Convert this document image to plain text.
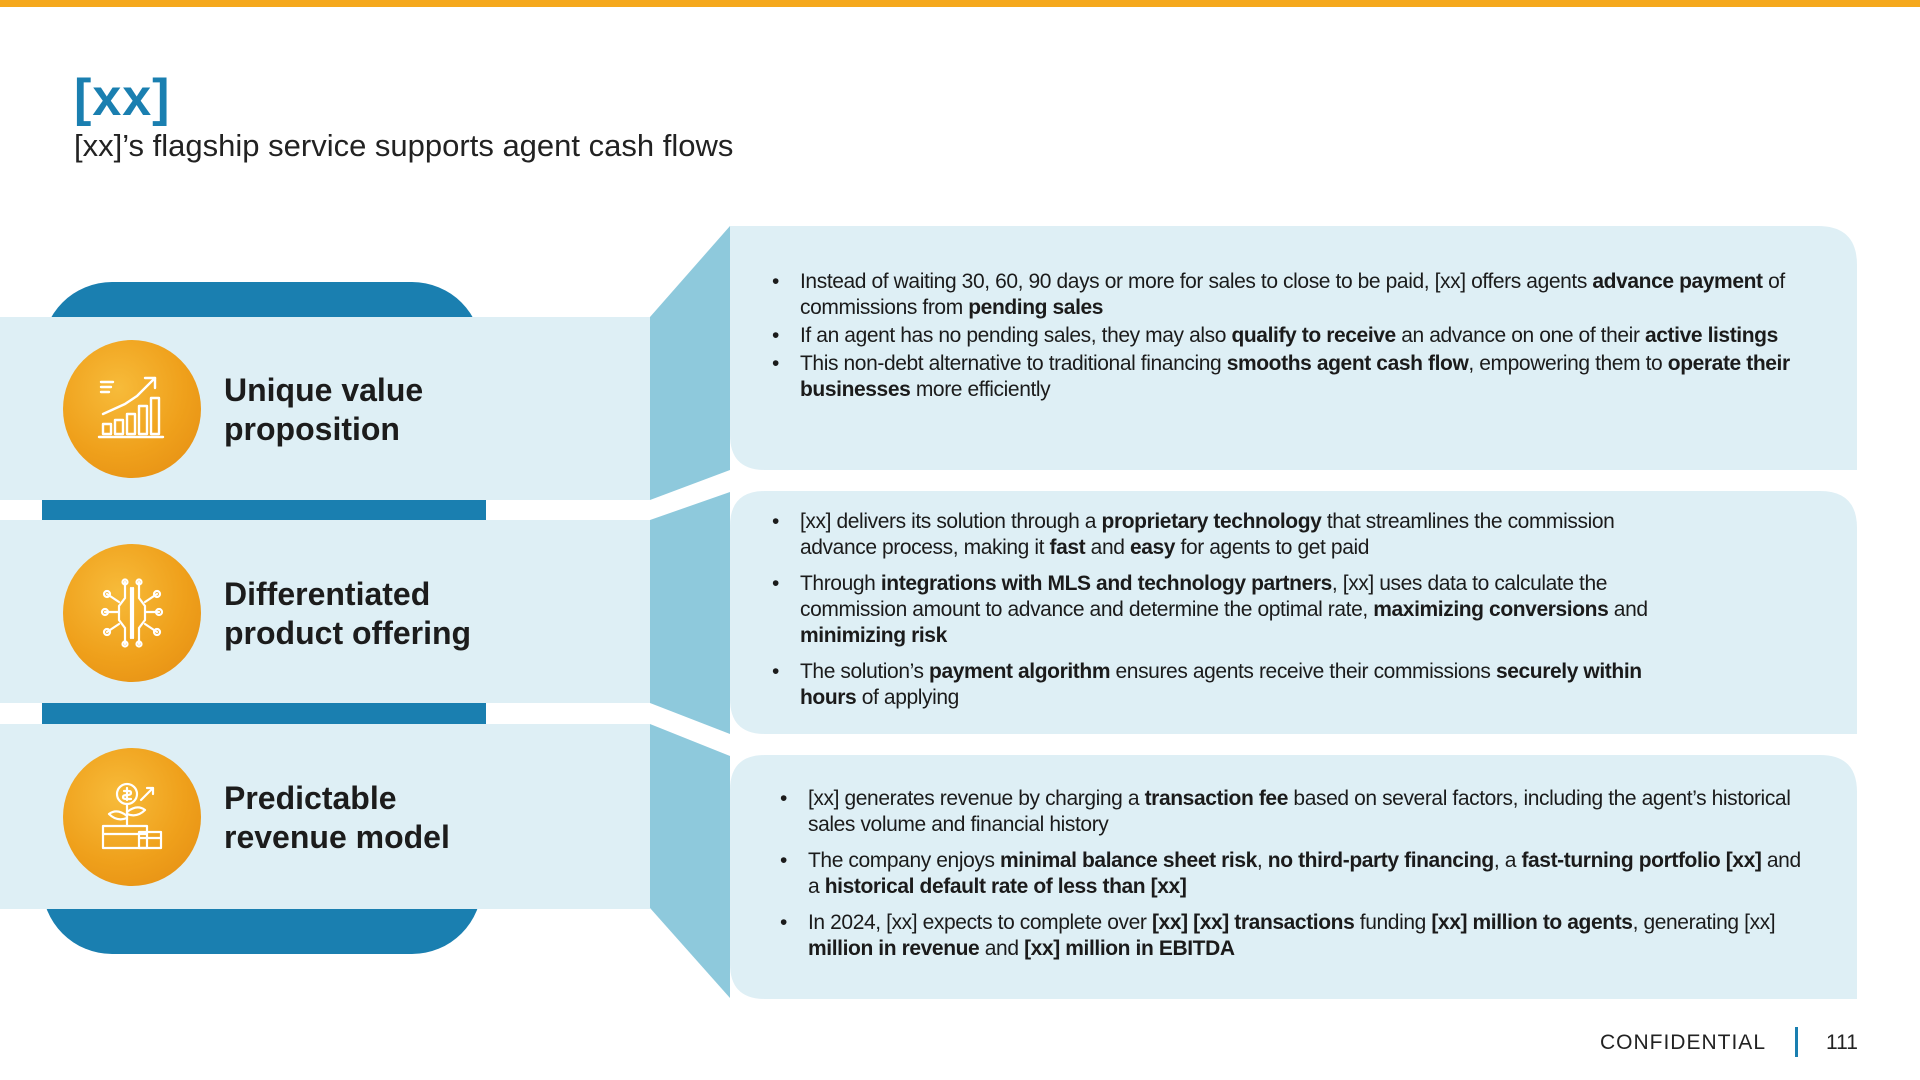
[xx]
[xx]’s flagship service supports agent cash flows
Unique value
proposition
Differentiated
product offering
Predictable
revenue model
• Instead of waiting 30, 60, 90 days or more for sales to close to be paid, [xx] offers agents advance payment of commissions from pending sales
• If an agent has no pending sales, they may also qualify to receive an advance on one of their active listings
• This non-debt alternative to traditional financing smooths agent cash flow, empowering them to operate their businesses more efficiently
• [xx] delivers its solution through a proprietary technology that streamlines the commission advance process, making it fast and easy for agents to get paid
• Through integrations with MLS and technology partners, [xx] uses data to calculate the commission amount to advance and determine the optimal rate, maximizing conversions and minimizing risk
• The solution’s payment algorithm ensures agents receive their commissions securely within hours of applying
• [xx] generates revenue by charging a transaction fee based on several factors, including the agent’s historical sales volume and financial history
• The company enjoys minimal balance sheet risk, no third-party financing, a fast-turning portfolio [xx] and a historical default rate of less than [xx]
• In 2024, [xx] expects to complete over [xx] [xx] transactions funding [xx] million to agents, generating [xx] million in revenue and [xx] million in EBITDA
CONFIDENTIAL	111
